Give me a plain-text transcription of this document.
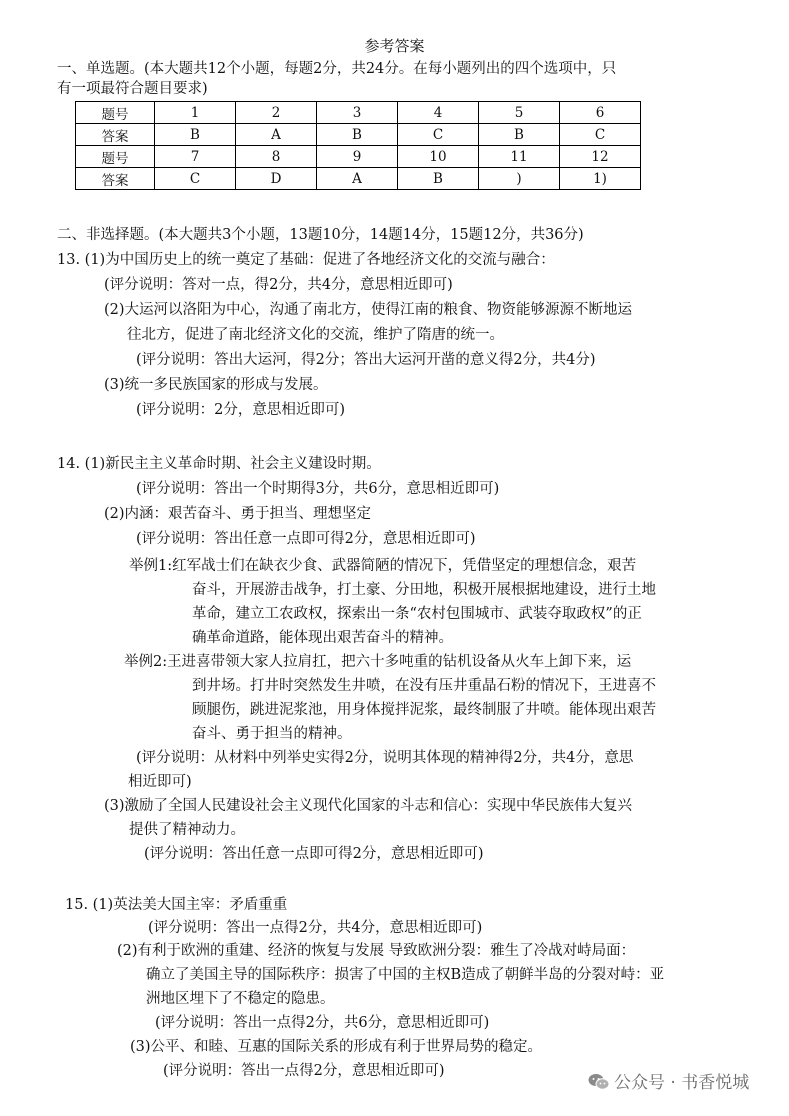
参考答案
一、单选题。(本大题共12个小题，每题2分，共24分。在每小题列出的四个选项中，只
有一项最符合题目要求)
题号	1	2	3	4	5	6
答案	B	A	B	C	B	C
题号	7	8	9	10	11	12
答案	C	D	A	B	)	1)
二、非选择题。(本大题共3个小题，13题10分，14题14分，15题12分，共36分)
13. (1)为中国历史上的统一奠定了基础：促进了各地经济文化的交流与融合：
(评分说明：答对一点，得2分，共4分，意思相近即可)
(2)大运河以洛阳为中心，沟通了南北方，使得江南的粮食、物资能够源源不断地运
往北方，促进了南北经济文化的交流，维护了隋唐的统一。
(评分说明：答出大运河，得2分；答出大运河开凿的意义得2分，共4分)
(3)统一多民族国家的形成与发展。
(评分说明：2分，意思相近即可)
14. (1)新民主主义革命时期、社会主义建设时期。
(评分说明：答出一个时期得3分，共6分，意思相近即可)
(2)内涵：艰苦奋斗、勇于担当、理想坚定
(评分说明：答出任意一点即可得2分，意思相近即可)
举例1:红军战士们在缺衣少食、武器简陋的情况下，凭借坚定的理想信念，艰苦
奋斗，开展游击战争，打土豪、分田地，积极开展根据地建设，进行土地
革命，建立工农政权，探索出一条“农村包围城市、武装夺取政权”的正
确革命道路，能体现出艰苦奋斗的精神。
举例2:王进喜带领大家人拉肩扛，把六十多吨重的钻机设备从火车上卸下来，运
到井场。打井时突然发生井喷，在没有压井重晶石粉的情况下，王进喜不
顾腿伤，跳进泥浆池，用身体搅拌泥浆，最终制服了井喷。能体现出艰苦
奋斗、勇于担当的精神。
(评分说明：从材料中列举史实得2分，说明其体现的精神得2分，共4分，意思
相近即可)
(3)激励了全国人民建设社会主义现代化国家的斗志和信心：实现中华民族伟大复兴
提供了精神动力。
(评分说明：答出任意一点即可得2分，意思相近即可)
15. (1)英法美大国主宰：矛盾重重
(评分说明：答出一点得2分，共4分，意思相近即可)
(2)有利于欧洲的重建、经济的恢复与发展 导致欧洲分裂：雅生了冷战对峙局面：
确立了美国主导的国际秩序：损害了中国的主权B造成了朝鲜半岛的分裂对峙：亚
洲地区埋下了不稳定的隐患。
(评分说明：答出一点得2分，共6分，意思相近即可)
(3)公平、和睦、互惠的国际关系的形成有利于世界局势的稳定。
(评分说明：答出一点得2分，意思相近即可)
公众号 · 书香悦城
